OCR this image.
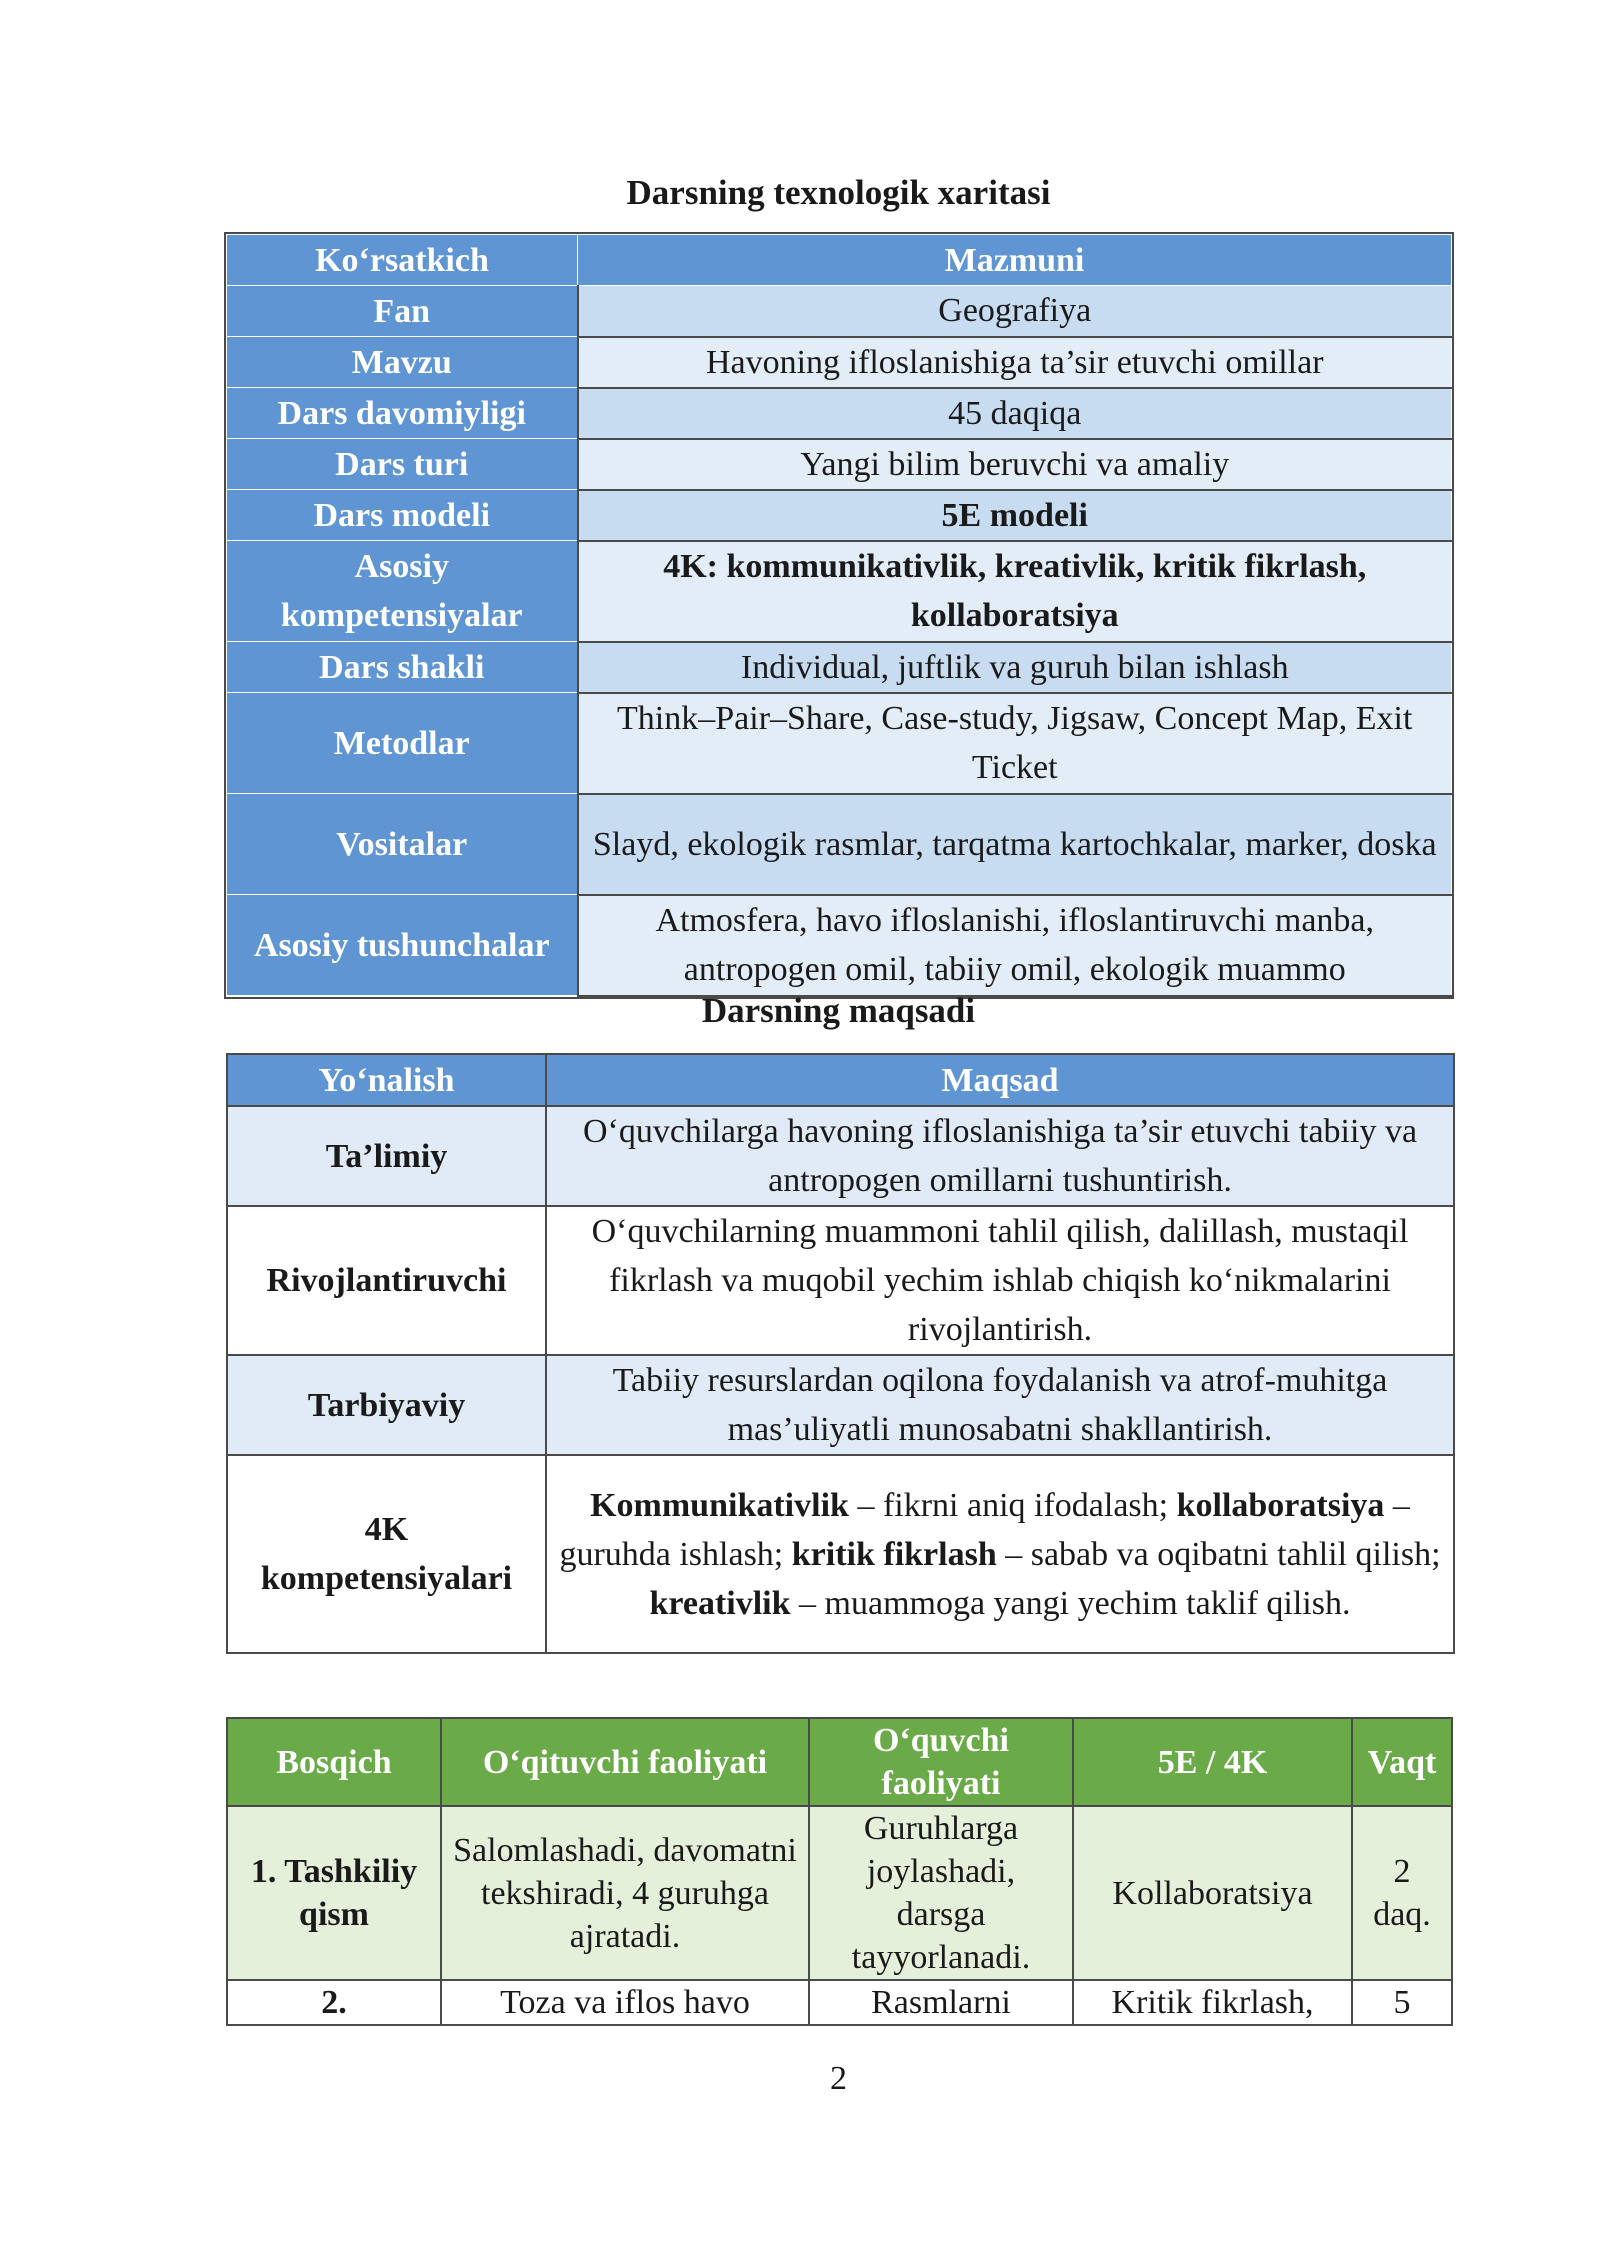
Darsning texnologik xaritasi
Ko‘rsatkich	Mazmuni
Fan	Geografiya
Mavzu	Havoning ifloslanishiga ta’sir etuvchi omillar
Dars davomiyligi	45 daqiqa
Dars turi	Yangi bilim beruvchi va amaliy
Dars modeli	5E modeli
Asosiy kompetensiyalar	4K: kommunikativlik, kreativlik, kritik fikrlash, kollaboratsiya
Dars shakli	Individual, juftlik va guruh bilan ishlash
Metodlar	Think–Pair–Share, Case-study, Jigsaw, Concept Map, Exit Ticket
Vositalar	Slayd, ekologik rasmlar, tarqatma kartochkalar, marker, doska
Asosiy tushunchalar	Atmosfera, havo ifloslanishi, ifloslantiruvchi manba, antropogen omil, tabiiy omil, ekologik muammo
Darsning maqsadi
Yo‘nalish	Maqsad
Ta’limiy	O‘quvchilarga havoning ifloslanishiga ta’sir etuvchi tabiiy va antropogen omillarni tushuntirish.
Rivojlantiruvchi	O‘quvchilarning muammoni tahlil qilish, dalillash, mustaqil fikrlash va muqobil yechim ishlab chiqish ko‘nikmalarini rivojlantirish.
Tarbiyaviy	Tabiiy resurslardan oqilona foydalanish va atrof-muhitga mas’uliyatli munosabatni shakllantirish.
4K kompetensiyalari	Kommunikativlik – fikrni aniq ifodalash; kollaboratsiya – guruhda ishlash; kritik fikrlash – sabab va oqibatni tahlil qilish; kreativlik – muammoga yangi yechim taklif qilish.
Bosqich	O‘qituvchi faoliyati	O‘quvchi faoliyati	5E / 4K	Vaqt
1. Tashkiliy qism	Salomlashadi, davomatni tekshiradi, 4 guruhga ajratadi.	Guruhlarga joylashadi, darsga tayyorlanadi.	Kollaboratsiya	2 daq.
2.	Toza va iflos havo	Rasmlarni	Kritik fikrlash,	5
2
